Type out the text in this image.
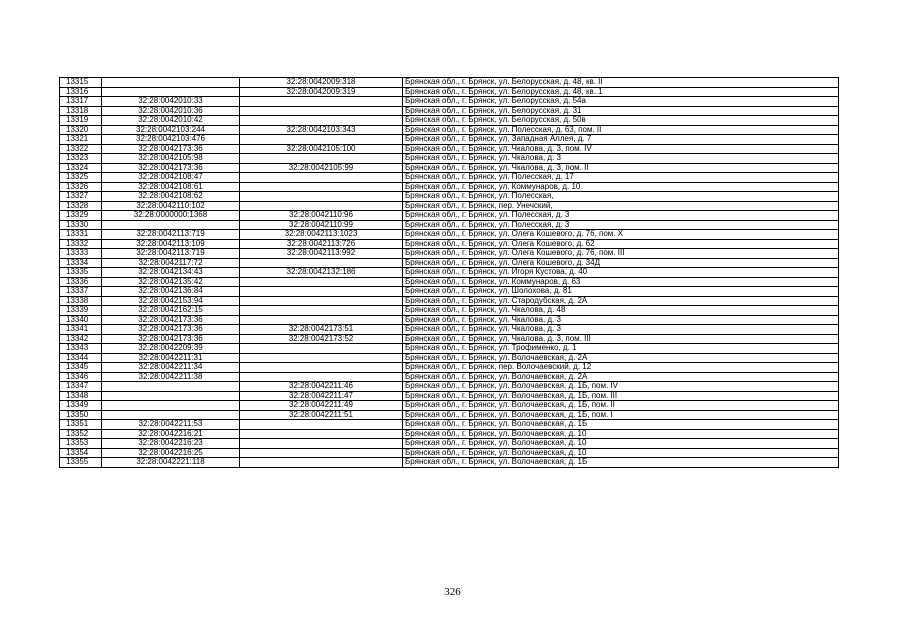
13315		32:28:0042009:318	Брянская обл., г. Брянск, ул. Белорусская, д. 48, кв. II
13316		32:28:0042009:319	Брянская обл., г. Брянск, ул. Белорусская, д. 48, кв. 1
13317	32:28:0042010:33		Брянская обл., г. Брянск, ул. Белорусская, д. 54а
13318	32:28:0042010:36		Брянская обл., г. Брянск, ул. Белорусская, д. 31
13319	32:28:0042010:42		Брянская обл., г. Брянск, ул. Белорусская, д. 50в
13320	32:28:0042103:244	32:28:0042103:343	Брянская обл., г. Брянск, ул. Полесская, д. 63, пом. II
13321	32:28:0042103:476		Брянская обл., г. Брянск, ул. Западная Аллея, д. 7
13322	32:28:0042173:36	32:28:0042105:100	Брянская обл., г. Брянск, ул. Чкалова, д. 3, пом. IV
13323	32:28:0042105:98		Брянская обл., г. Брянск, ул. Чкалова, д. 3
13324	32:28:0042173:36	32:28:0042105:99	Брянская обл., г. Брянск, ул. Чкалова, д. 3, пом. II
13325	32:28:0042108:47		Брянская обл., г. Брянск, ул. Полесская, д. 17
13326	32:28:0042108:61		Брянская обл., г. Брянск, ул. Коммунаров, д. 10
13327	32:28:0042108:62		Брянская обл., г. Брянск, ул. Полесская,
13328	32:28:0042110:102		Брянская обл., г. Брянск, пер. Унечский,
13329	32:28:0000000:1368	32:28:0042110:96	Брянская обл., г. Брянск, ул. Полесская, д. 3
13330		32:28:0042110:99	Брянская обл., г. Брянск, ул. Полесская, д. 3
13331	32:28:0042113:719	32:28:0042113:1023	Брянская обл., г. Брянск, ул. Олега Кошевого, д. 76, пом. X
13332	32:28:0042113:109	32:28:0042113:726	Брянская обл., г. Брянск, ул. Олега Кошевого, д. 62
13333	32:28:0042113:719	32:28:0042113:992	Брянская обл., г. Брянск, ул. Олега Кошевого, д. 76, пом. III
13334	32:28:0042117:72		Брянская обл., г. Брянск, ул. Олега Кошевого, д. 34Д
13335	32:28:0042134:43	32:28:0042132:186	Брянская обл., г. Брянск, ул. Игоря Кустова, д. 40
13336	32:28:0042135:42		Брянская обл., г. Брянск, ул. Коммунаров, д. 63
13337	32:28:0042136:84		Брянская обл., г. Брянск, ул. Шолохова, д. 81
13338	32:28:0042153:94		Брянская обл., г. Брянск, ул. Стародубская, д. 2А
13339	32:28:0042162:15		Брянская обл., г. Брянск, ул. Чкалова, д. 48
13340	32:28:0042173:36		Брянская обл., г. Брянск, ул. Чкалова, д. 3
13341	32:28:0042173:36	32:28:0042173:51	Брянская обл., г. Брянск, ул. Чкалова, д. 3
13342	32:28:0042173:36	32:28:0042173:52	Брянская обл., г. Брянск, ул. Чкалова, д. 3, пом. III
13343	32:28:0042209:39		Брянская обл., г. Брянск, ул. Трофименко, д. 1
13344	32:28:0042211:31		Брянская обл., г. Брянск, ул. Волочаевская, д. 2А
13345	32:28:0042211:34		Брянская обл., г. Брянск, пер. Волочаевский, д. 12
13346	32:28:0042211:38		Брянская обл., г. Брянск, ул. Волочаевская, д. 2А
13347		32:28:0042211:46	Брянская обл., г. Брянск, ул. Волочаевская, д. 1Б, пом. IV
13348		32:28:0042211:47	Брянская обл., г. Брянск, ул. Волочаевская, д. 1Б, пом. III
13349		32:28:0042211:49	Брянская обл., г. Брянск, ул. Волочаевская, д. 1Б, пом. II
13350		32:28:0042211:51	Брянская обл., г. Брянск, ул. Волочаевская, д. 1Б, пом. I
13351	32:28:0042211:53		Брянская обл., г. Брянск, ул. Волочаевская, д. 1Б
13352	32:28:0042216:21		Брянская обл., г. Брянск, ул. Волочаевская, д. 10
13353	32:28:0042216:23		Брянская обл., г. Брянск, ул. Волочаевская, д. 10
13354	32:28:0042216:25		Брянская обл., г. Брянск, ул. Волочаевская, д. 10
13355	32:28:0042221:118		Брянская обл., г. Брянск, ул. Волочаевская, д. 1Б
326
